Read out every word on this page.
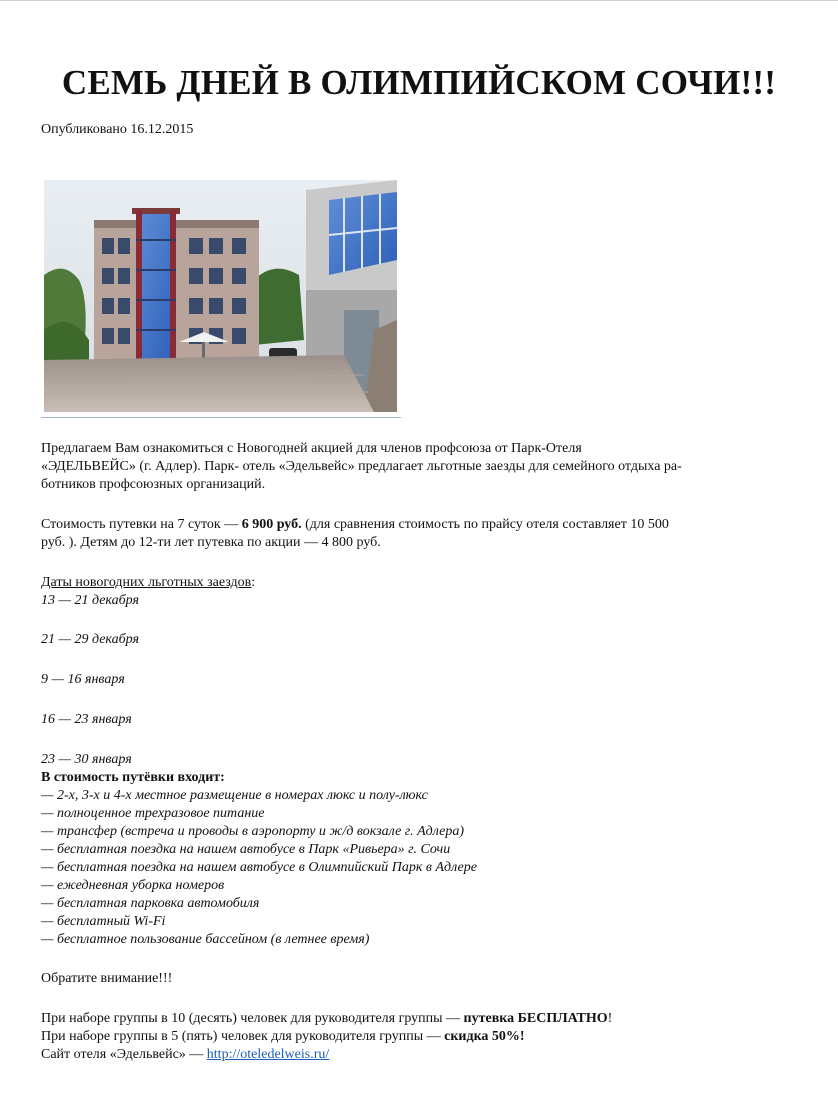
СЕМЬ ДНЕЙ В ОЛИМПИЙСКОМ СОЧИ!!!
Опубликовано 16.12.2015
Предлагаем Вам ознакомиться с Новогодней акцией для членов профсоюза от Парк-Отеля
«ЭДЕЛЬВЕЙС» (г. Адлер). Парк- отель «Эдельвейс» предлагает льготные заезды для семейного отдыха ра-
ботников профсоюзных организаций.
Стоимость путевки на 7 суток — 6 900 руб. (для сравнения стоимость по прайсу отеля составляет 10 500
руб. ). Детям до 12-ти лет путевка по акции — 4 800 руб.
Даты новогодних льготных заездов:
13 — 21 декабря
21 — 29 декабря
9 — 16 января
16 — 23 января
23 — 30 января
В стоимость путёвки входит:
— 2-х, 3-х и 4-х местное размещение в номерах люкс и полу-люкс
— полноценное трехразовое питание
— трансфер (встреча и проводы в аэропорту и ж/д вокзале г. Адлера)
— бесплатная поездка на нашем автобусе в Парк «Ривьера» г. Сочи
— бесплатная поездка на нашем автобусе в Олимпийский Парк в Адлере
— ежедневная уборка номеров
— бесплатная парковка автомобиля
— бесплатный Wi-Fi
— бесплатное пользование бассейном (в летнее время)
Обратите внимание!!!
При наборе группы в 10 (десять) человек для руководителя группы — путевка БЕСПЛАТНО!
При наборе группы в 5 (пять) человек для руководителя группы — скидка 50%!
Сайт отеля «Эдельвейс» — http://oteledelweis.ru/
